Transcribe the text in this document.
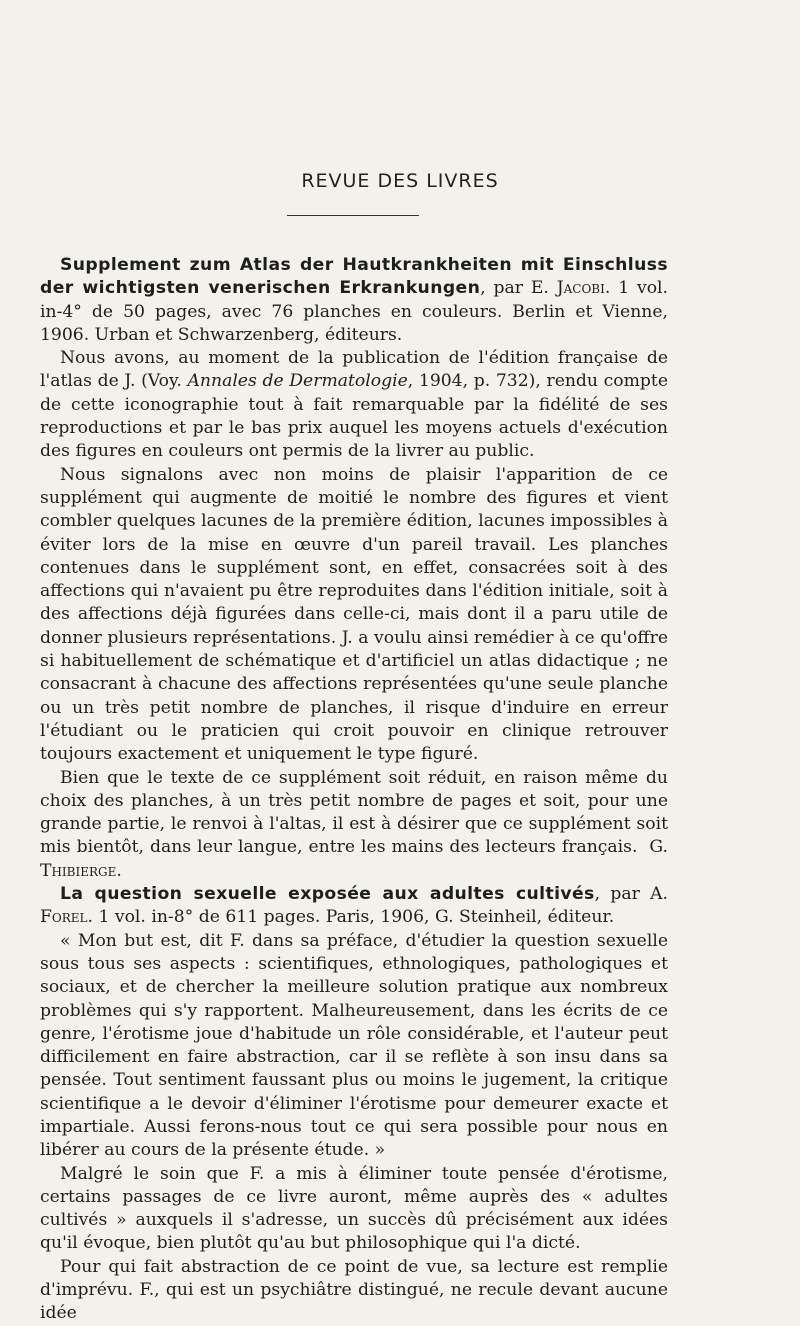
REVUE DES LIVRES

Supplement zum Atlas der Hautkrankheiten mit Einschluss der wichtigsten venerischen Erkrankungen, par E. Jacobi. 1 vol. in-4° de 50 pages, avec 76 planches en couleurs. Berlin et Vienne, 1906. Urban et Schwarzenberg, éditeurs.

Nous avons, au moment de la publication de l'édition française de l'atlas de J. (Voy. Annales de Dermatologie, 1904, p. 732), rendu compte de cette iconographie tout à fait remarquable par la fidélité de ses reproductions et par le bas prix auquel les moyens actuels d'exécution des figures en couleurs ont permis de la livrer au public.

Nous signalons avec non moins de plaisir l'apparition de ce supplément qui augmente de moitié le nombre des figures et vient combler quelques lacunes de la première édition, lacunes impossibles à éviter lors de la mise en œuvre d'un pareil travail. Les planches contenues dans le supplément sont, en effet, consacrées soit à des affections qui n'avaient pu être reproduites dans l'édition initiale, soit à des affections déjà figurées dans celle-ci, mais dont il a paru utile de donner plusieurs représentations. J. a voulu ainsi remédier à ce qu'offre si habituellement de schématique et d'artificiel un atlas didactique ; ne consacrant à chacune des affections représentées qu'une seule planche ou un très petit nombre de planches, il risque d'induire en erreur l'étudiant ou le praticien qui croit pouvoir en clinique retrouver toujours exactement et uniquement le type figuré.

Bien que le texte de ce supplément soit réduit, en raison même du choix des planches, à un très petit nombre de pages et soit, pour une grande partie, le renvoi à l'altas, il est à désirer que ce supplément soit mis bientôt, dans leur langue, entre les mains des lecteurs français. G. Thibierge.

La question sexuelle exposée aux adultes cultivés, par A. Forel. 1 vol. in-8° de 611 pages. Paris, 1906, G. Steinheil, éditeur.

« Mon but est, dit F. dans sa préface, d'étudier la question sexuelle sous tous ses aspects : scientifiques, ethnologiques, pathologiques et sociaux, et de chercher la meilleure solution pratique aux nombreux problèmes qui s'y rapportent. Malheureusement, dans les écrits de ce genre, l'érotisme joue d'habitude un rôle considérable, et l'auteur peut difficilement en faire abstraction, car il se reflète à son insu dans sa pensée. Tout sentiment faussant plus ou moins le jugement, la critique scientifique a le devoir d'éliminer l'érotisme pour demeurer exacte et impartiale. Aussi ferons-nous tout ce qui sera possible pour nous en libérer au cours de la présente étude. »

Malgré le soin que F. a mis à éliminer toute pensée d'érotisme, certains passages de ce livre auront, même auprès des « adultes cultivés » auxquels il s'adresse, un succès dû précisément aux idées qu'il évoque, bien plutôt qu'au but philosophique qui l'a dicté.

Pour qui fait abstraction de ce point de vue, sa lecture est remplie d'imprévu. F., qui est un psychiâtre distingué, ne recule devant aucune idée
